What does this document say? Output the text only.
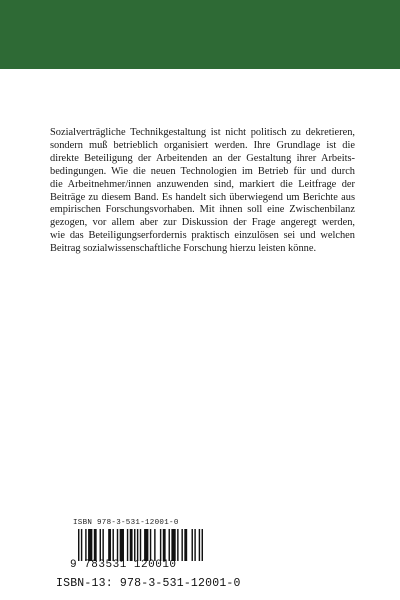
Sozialverträgliche Technikgestaltung ist nicht politisch zu dekretieren,

sondern muß betrieblich organisiert werden. Ihre Grundlage ist die

direkte Beteiligung der Arbeitenden an der Gestaltung ihrer Arbeits-

bedingungen. Wie die neuen Technologien im Betrieb für und durch

die Arbeitnehmer/innen anzuwenden sind, markiert die Leitfrage der

Beiträge zu diesem Band. Es handelt sich überwiegend um Berichte aus

empirischen Forschungsvorhaben. Mit ihnen soll eine Zwischenbilanz

gezogen, vor allem aber zur Diskussion der Frage angeregt werden,

wie das Beteiligungserfordernis praktisch einzulösen sei und welchen

Beitrag sozialwissenschaftliche Forschung hierzu leisten könne.

ISBN 978-3-531-12001-0
9 783531 120010
ISBN-13: 978-3-531-12001-0
